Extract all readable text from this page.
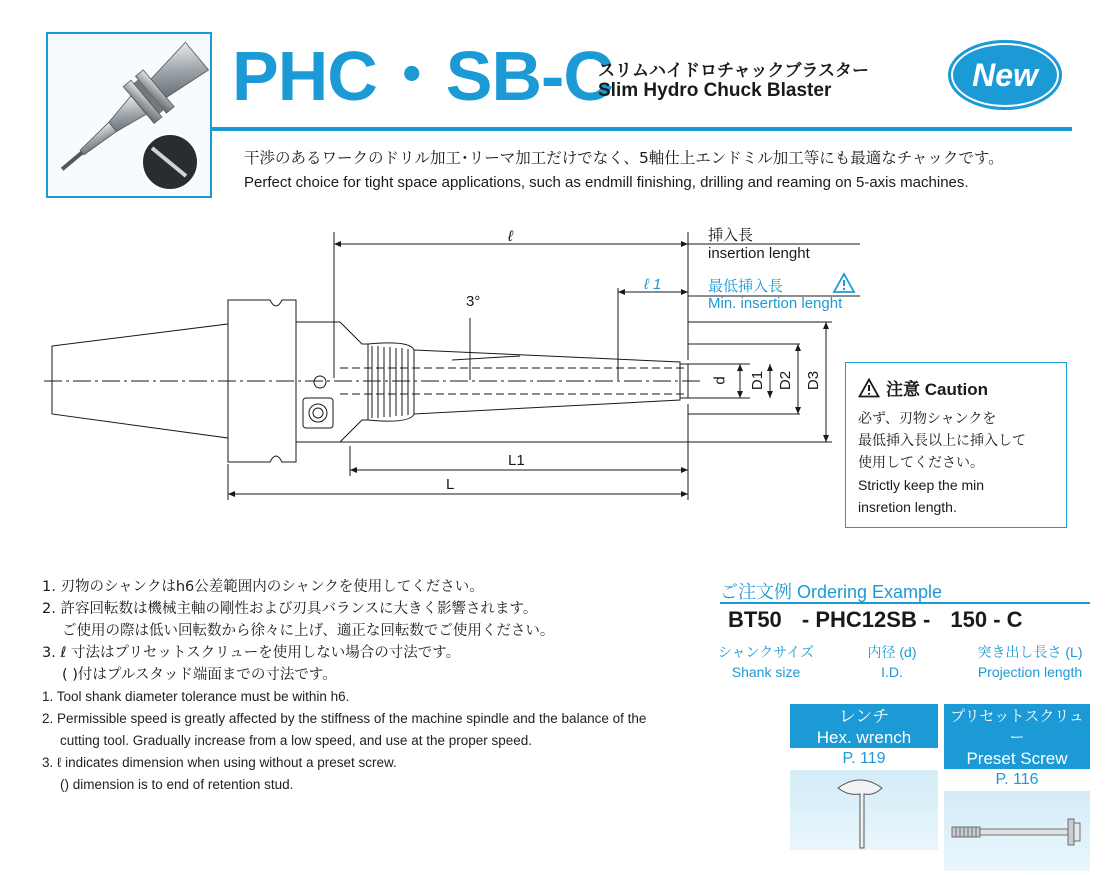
PHC・SB-C
スリムハイドロチャックブラスター
Slim Hydro Chuck Blaster	New
干渉のあるワークのドリル加工･リーマ加工だけでなく、5軸仕上エンドミル加工等にも最適なチャックです。
Perfect choice for tight space applications, such as endmill finishing, drilling and reaming on 5-axis machines.
ℓ
ℓ 1
3°
挿入長
insertion lenght
最低挿入長
Min. insertion lenght
d D1 D2 D3
L1
L
注意 Caution

必ず、刃物シャンクを

最低挿入長以上に挿入して

使用してください。

Strictly keep the min

insretion length.

1. 刃物のシャンクはh6公差範囲内のシャンクを使用してください。
2. 許容回転数は機械主軸の剛性および刃具バランスに大きく影響されます。
ご使用の際は低い回転数から徐々に上げ、適正な回転数でご使用ください。
3. ℓ 寸法はプリセットスクリューを使用しない場合の寸法です。
( )付はプルスタッド端面までの寸法です。
1. Tool shank diameter tolerance must be within h6.
2. Permissible speed is greatly affected by the stiffness of the machine spindle and the balance of the
cutting tool. Gradually increase from a low speed, and use at the proper speed.
3. ℓ indicates dimension when using without a preset screw.
() dimension is to end of retention stud.
ご注文例 Ordering Example
BT50 - PHC12SB - 150 - C
シャンクサイズ
Shank size
内径 (d)
I.D.
突き出し長さ (L)
Projection length
レンチ
Hex. wrench
P. 119
プリセットスクリュー
Preset Screw
P. 116
